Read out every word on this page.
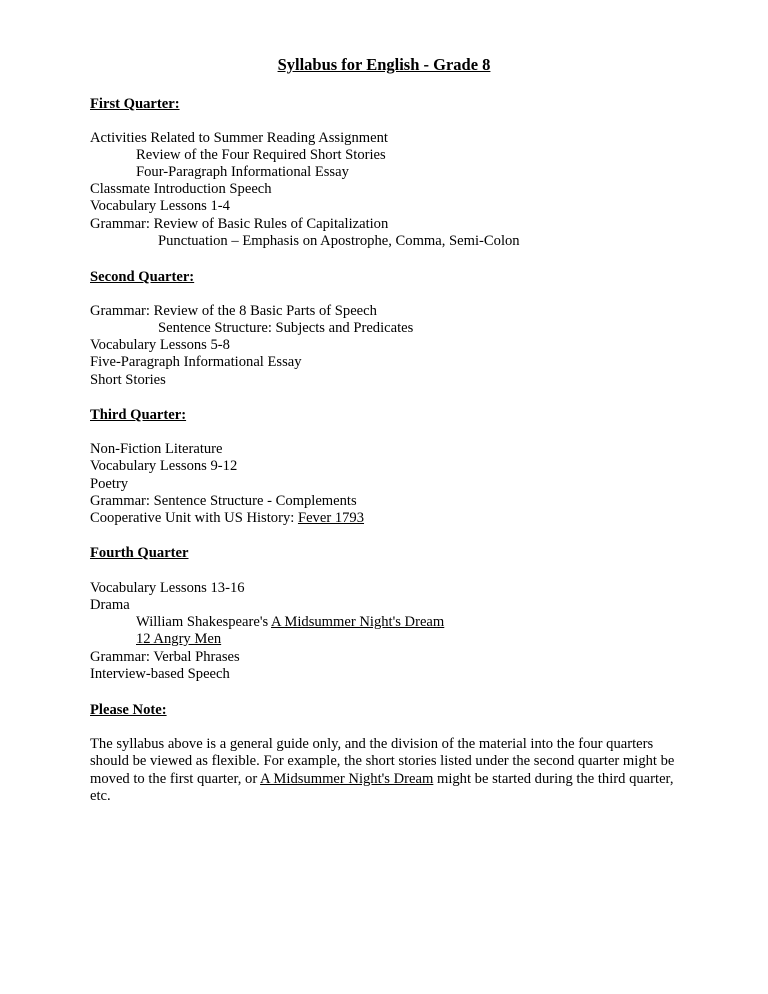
Syllabus for English - Grade 8
First Quarter:
Activities Related to Summer Reading Assignment
Review of the Four Required Short Stories
Four-Paragraph Informational Essay
Classmate Introduction Speech
Vocabulary Lessons 1-4
Grammar: Review of Basic Rules of Capitalization
Punctuation – Emphasis on Apostrophe, Comma, Semi-Colon
Second Quarter:
Grammar: Review of the 8 Basic Parts of Speech
Sentence Structure: Subjects and Predicates
Vocabulary Lessons 5-8
Five-Paragraph Informational Essay
Short Stories
Third Quarter:
Non-Fiction Literature
Vocabulary Lessons 9-12
Poetry
Grammar: Sentence Structure - Complements
Cooperative Unit with US History: Fever 1793
Fourth Quarter
Vocabulary Lessons 13-16
Drama
William Shakespeare's A Midsummer Night's Dream
12 Angry Men
Grammar: Verbal Phrases
Interview-based Speech
Please Note:
The syllabus above is a general guide only, and the division of the material into the four quarters should be viewed as flexible. For example, the short stories listed under the second quarter might be moved to the first quarter, or A Midsummer Night's Dream might be started during the third quarter, etc.
